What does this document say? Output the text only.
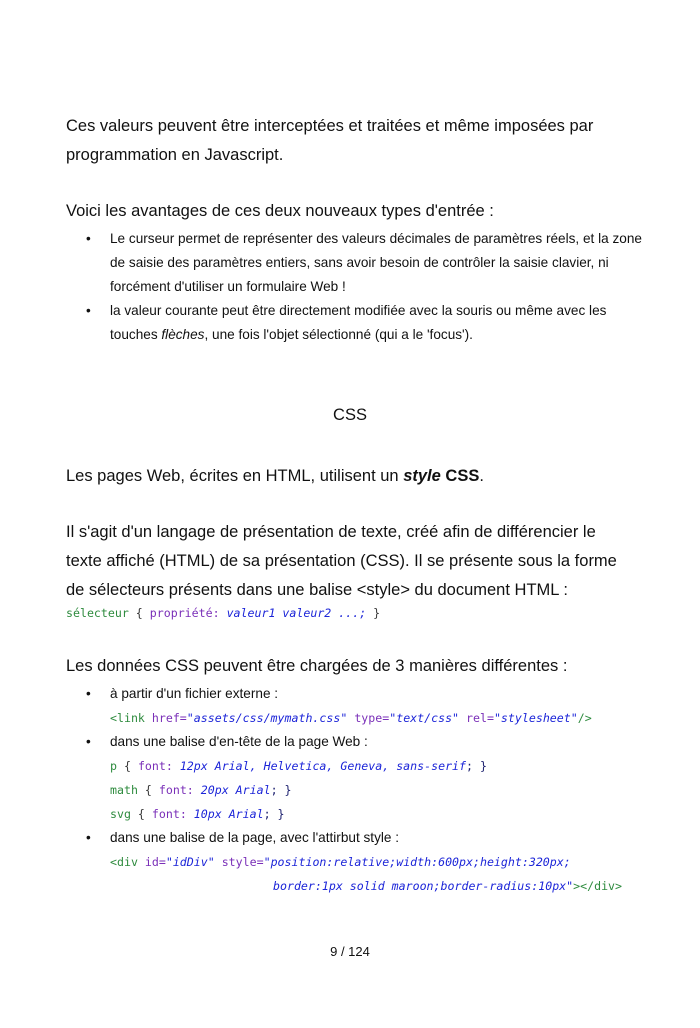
Ces valeurs peuvent être interceptées et traitées et même imposées par programmation en Javascript.

Voici les avantages de ces deux nouveaux types d'entrée :

• Le curseur permet de représenter des valeurs décimales de paramètres réels, et la zone de saisie des paramètres entiers, sans avoir besoin de contrôler la saisie clavier, ni forcément d'utiliser un formulaire Web !
• la valeur courante peut être directement modifiée avec la souris ou même avec les touches flèches, une fois l'objet sélectionné (qui a le 'focus').
CSS

Les pages Web, écrites en HTML, utilisent un style CSS.

Il s'agit d'un langage de présentation de texte, créé afin de différencier le texte affiché (HTML) de sa présentation (CSS). Il se présente sous la forme de sélecteurs présents dans une balise <style> du document HTML :

sélecteur { propriété: valeur1 valeur2 ...; }

Les données CSS peuvent être chargées de 3 manières différentes :

• à partir d'un fichier externe :
<link href="assets/css/mymath.css" type="text/css" rel="stylesheet"/>
• dans une balise d'en-tête de la page Web :
p { font: 12px Arial, Helvetica, Geneva, sans-serif; }
math { font: 20px Arial; }
svg { font: 10px Arial; }
• dans une balise de la page, avec l'attirbut style :
<div id="idDiv" style="position:relative;width:600px;height:320px;
border:1px solid maroon;border-radius:10px"></div>
9 / 124
